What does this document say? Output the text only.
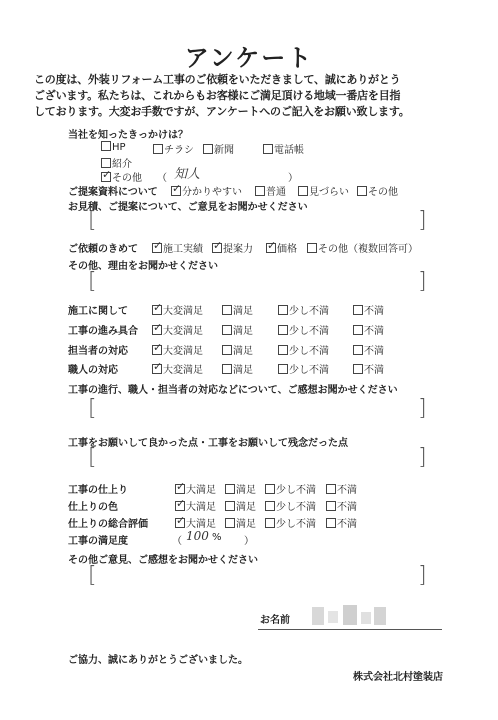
アンケート
この度は、外装リフォーム工事のご依頼をいただきまして、誠にありがとう
ございます。私たちは、これからもお客様にご満足頂ける地域一番店を目指
しております。大変お手数ですが、アンケートへのご記入をお願い致します。
当社を知ったきっかけは？
HP	チラシ	新聞	電話帳
紹介
✓その他 （ 知人	）
ご提案資料について ✓	分かりやすい	普通	見づらい	その他
お見積、ご提案について、ご意見をお聞かせください
[	]
ご依頼のきめて ✓	施工実績 ✓	提案力 ✓	価格	その他（複数回答可）
その他、理由をお聞かせください
[	]
施工に関して ✓	大変満足	満足	少し不満	不満
工事の進み具合 ✓	大変満足	満足	少し不満	不満
担当者の対応 ✓	大変満足	満足	少し不満	不満
職人の対応 ✓	大変満足	満足	少し不満	不満
工事の進行、職人・担当者の対応などについて、ご感想お聞かせください
[	]
工事をお願いして良かった点・工事をお願いして残念だった点
[	]
工事の仕上り ✓	大満足	満足	少し不満	不満
仕上りの色 ✓	大満足	満足	少し不満	不満
仕上りの総合評価 ✓	大満足	満足	少し不満	不満
工事の満足度	（ 100 % ）
その他ご意見、ご感想をお聞かせください
[	]
お名前
ご協力、誠にありがとうございました。
株式会社北村塗装店
